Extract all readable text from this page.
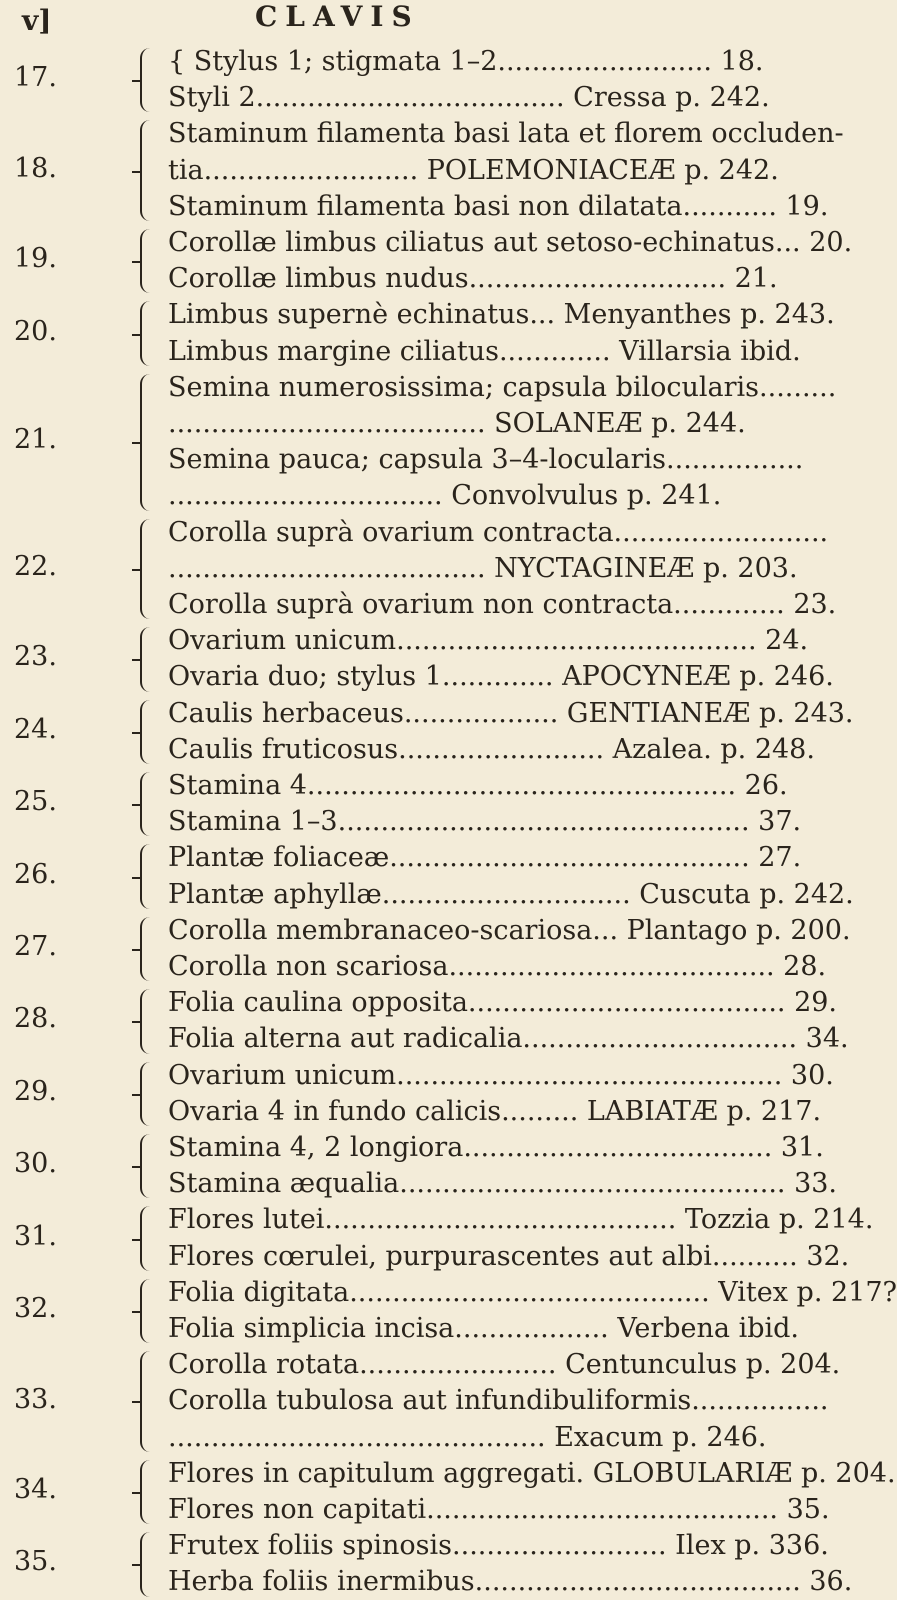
v]	CLAVIS
17.
{ Stylus 1; stigmata 1–2......................... 18.
Styli 2.................................... Cressa p. 242.
18.
Staminum filamenta basi lata et florem occluden-
tia......................... POLEMONIACEÆ p. 242.
Staminum filamenta basi non dilatata........... 19.
19.
Corollæ limbus ciliatus aut setoso-echinatus... 20.
Corollæ limbus nudus.............................. 21.
20.
Limbus supernè echinatus... Menyanthes p. 243.
Limbus margine ciliatus............. Villarsia ibid.
21.
Semina numerosissima; capsula bilocularis.........
..................................... SOLANEÆ p. 244.
Semina pauca; capsula 3–4-locularis................
................................ Convolvulus p. 241.
22.
Corolla suprà ovarium contracta.........................
..................................... NYCTAGINEÆ p. 203.
Corolla suprà ovarium non contracta............. 23.
23.
Ovarium unicum.......................................... 24.
Ovaria duo; stylus 1............. APOCYNEÆ p. 246.
24.
Caulis herbaceus.................. GENTIANEÆ p. 243.
Caulis fruticosus........................ Azalea. p. 248.
25.
Stamina 4.................................................. 26.
Stamina 1–3................................................ 37.
26.
Plantæ foliaceæ.......................................... 27.
Plantæ aphyllæ............................. Cuscuta p. 242.
27.
Corolla membranaceo-scariosa... Plantago p. 200.
Corolla non scariosa...................................... 28.
28.
Folia caulina opposita..................................... 29.
Folia alterna aut radicalia................................ 34.
29.
Ovarium unicum............................................. 30.
Ovaria 4 in fundo calicis......... LABIATÆ p. 217.
30.
Stamina 4, 2 longiora.................................... 31.
Stamina æqualia............................................. 33.
31.
Flores lutei......................................... Tozzia p. 214.
Flores cœrulei, purpurascentes aut albi.......... 32.
32.
Folia digitata.......................................... Vitex p. 217?
Folia simplicia incisa.................. Verbena ibid.
33.
Corolla rotata....................... Centunculus p. 204.
Corolla tubulosa aut infundibuliformis................
............................................ Exacum p. 246.
34.
Flores in capitulum aggregati. GLOBULARIÆ p. 204.
Flores non capitati......................................... 35.
35.
Frutex foliis spinosis......................... Ilex p. 336.
Herba foliis inermibus...................................... 36.
